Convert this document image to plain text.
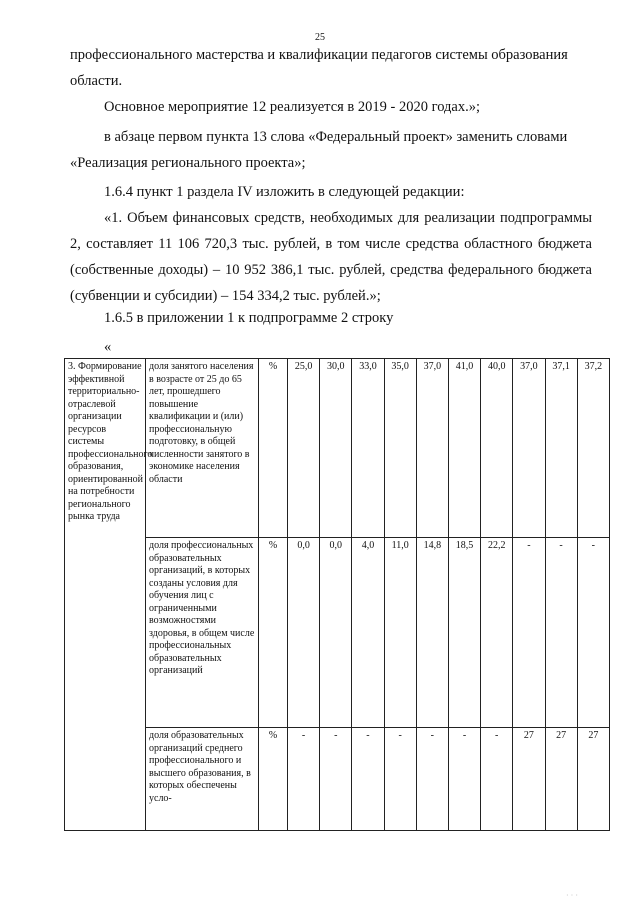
25

профессионального мастерства и квалификации педагогов системы образования
области.

Основное мероприятие 12 реализуется в 2019 - 2020 годах.»;

в абзаце первом пункта 13 слова «Федеральный проект» заменить словами

«Реализация регионального проекта»;

1.6.4 пункт 1 раздела IV изложить в следующей редакции:

«1. Объем финансовых средств, необходимых для реализации подпрограммы 2, составляет 11 106 720,3 тыс. рублей, в том числе средства областного бюджета (собственные доходы) – 10 952 386,1 тыс. рублей, средства федерального бюджета (субвенции и субсидии) – 154 334,2 тыс. рублей.»;

1.6.5 в приложении 1 к подпрограмме 2 строку

«

3. Формирование эффективной территориально-отраслевой организации ресурсов системы профессионального образования, ориентированной на потребности регионального рынка труда	доля занятого населения в возрасте от 25 до 65 лет, прошедшего повышение квалификации и (или) профессиональную подготовку, в общей численности занятого в экономике населения области	%	25,0	30,0	33,0	35,0	37,0	41,0	40,0	37,0	37,1	37,2
	доля профессиональных образовательных организаций, в которых созданы условия для обучения лиц с ограниченными возможностями здоровья, в общем числе профессиональных образовательных организаций	%	0,0	0,0	4,0	11,0	14,8	18,5	22,2	-	-	-
	доля образовательных организаций среднего профессионального и высшего образования, в которых обеспечены усло-	%	-	-	-	-	-	-	-	27	27	27
· · ·
